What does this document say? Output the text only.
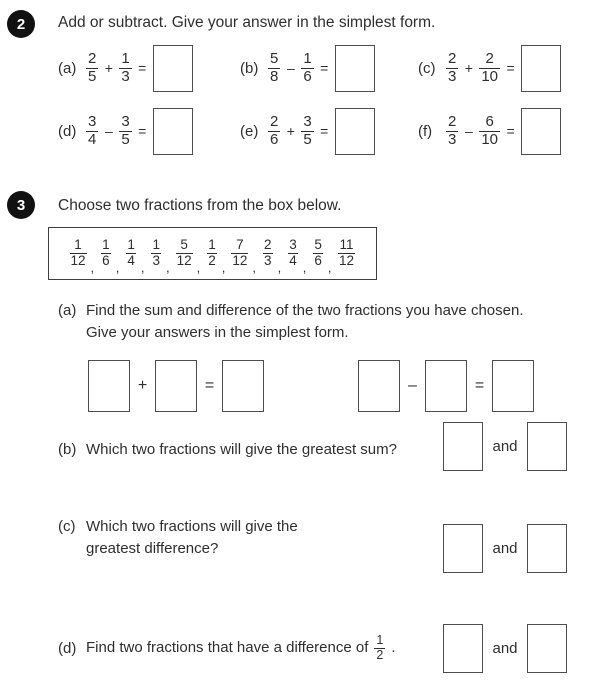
2	Add or subtract. Give your answer in the simplest form.
$(a) \frac{2}{5} + \frac{1}{3}$ =	$(b) \frac{5}{8} - \frac{1}{6}$ =	$(c) \frac{2}{3} + \frac{2}{10}$ =
$(d) \frac{3}{4} - \frac{3}{5}$ =	$(e) \frac{2}{6} + \frac{3}{5}$ =	$(f) \frac{2}{3} - \frac{6}{10}$ =
3	Choose two fractions from the box below.
$\frac{1}{12}$ , $\frac{1}{6}$ , $\frac{1}{4}$ , $\frac{1}{3}$ , $\frac{5}{12}$ , $\frac{1}{2}$ , $\frac{7}{12}$ , $\frac{2}{3}$ , $\frac{3}{4}$ , $\frac{5}{6}$ , $\frac{11}{12}$
(a) Find the sum and difference of the two fractions you have chosen.
Give your answers in the simplest form.
+	=	–	=
(b) Which two fractions will give the greatest sum?	and
(c) Which two fractions will give the
greatest difference?	and
(d) Find two fractions that have a difference of $\frac{1}{2}$ .	and
